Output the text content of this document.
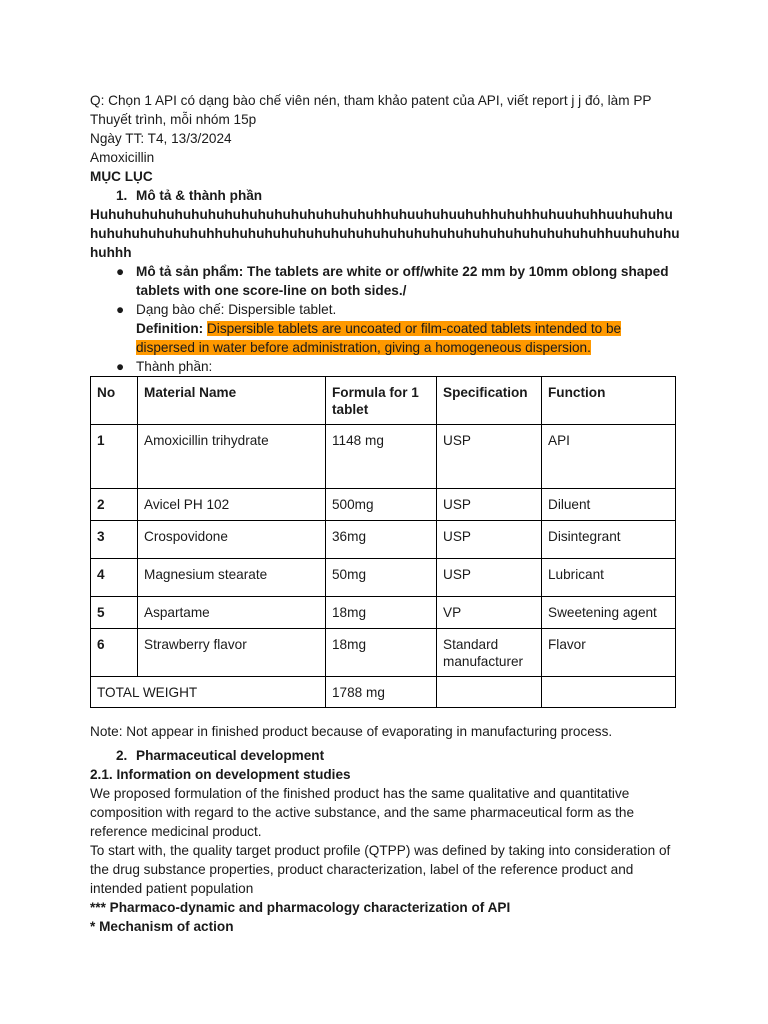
Q: Chọn 1 API có dạng bào chế viên nén, tham khảo patent của API, viết report j j đó, làm PP
Thuyết trình, mỗi nhóm 15p
Ngày TT: T4, 13/3/2024
Amoxicillin
MỤC LỤC
1. Mô tả & thành phần
Huhuhuhuhuhuhuhuhuhuhuhuhuhuhuhuhuhhuhuuhuhuuhuhhuhuhhuhuuhuhhuuhuhuhuhuhuhuhuhuhuhuhhuhuhuhuhuhuhuhuhuhuhuhuhuhuhuhuhuhuhuhuhuhuhuhhuuhuhuhuhuhhh
● Mô tả sản phẩm: The tablets are white or off/white 22 mm by 10mm oblong shaped tablets with one score-line on both sides./
● Dạng bào chế: Dispersible tablet.
Definition: Dispersible tablets are uncoated or film-coated tablets intended to be dispersed in water before administration, giving a homogeneous dispersion.
● Thành phần:
No	Material Name	Formula for 1 tablet	Specification	Function
1	Amoxicillin trihydrate	1148 mg	USP	API
2	Avicel PH 102	500mg	USP	Diluent
3	Crospovidone	36mg	USP	Disintegrant
4	Magnesium stearate	50mg	USP	Lubricant
5	Aspartame	18mg	VP	Sweetening agent
6	Strawberry flavor	18mg	Standard manufacturer	Flavor
TOTAL WEIGHT		1788 mg		
Note: Not appear in finished product because of evaporating in manufacturing process.
2. Pharmaceutical development
2.1. Information on development studies
We proposed formulation of the finished product has the same qualitative and quantitative composition with regard to the active substance, and the same pharmaceutical form as the reference medicinal product.
To start with, the quality target product profile (QTPP) was defined by taking into consideration of the drug substance properties, product characterization, label of the reference product and intended patient population
*** Pharmaco-dynamic and pharmacology characterization of API
* Mechanism of action
